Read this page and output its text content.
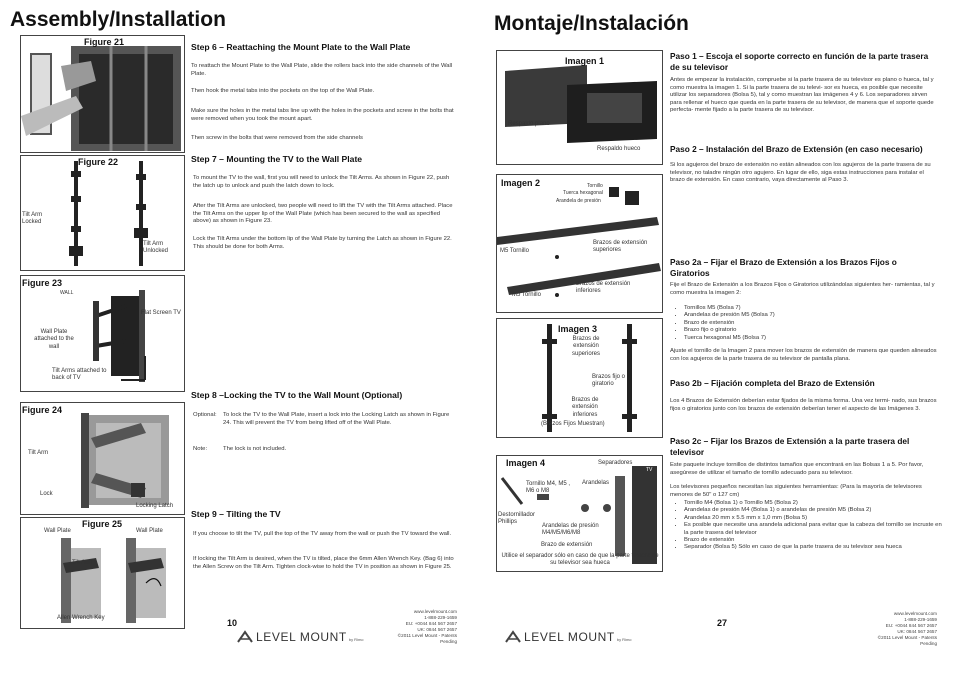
Assembly/Installation
Figure 21
Figure 22
Tilt Arm Locked
Tilt Arm Unlocked
Figure 23
WALL
Flat Screen TV
Wall Plate attached to the wall
Tilt Arms attached to back of TV
Figure 24
Tilt Arm
Lock
Locking Latch
Figure 25
Wall Plate	Wall Plate
Tilt Arm
Allen Wrench Key
Step 6 – Reattaching the Mount Plate to the Wall Plate
To reattach the Mount Plate to the Wall Plate, slide the rollers back into the side channels of the Wall Plate.
Then hook the metal tabs into the pockets on the top of the Wall Plate.
Make sure the holes in the metal tabs line up with the holes in the pockets and screw in the bolts that were removed when you took the mount apart.
Then screw in the bolts that were removed from the side channels
Step 7 – Mounting the TV to the Wall Plate
To mount the TV to the wall, first you will need to unlock the Tilt Arms. As shown in Figure 22, push the latch up to unlock and push the latch down to lock.
After the Tilt Arms are unlocked, two people will need to lift the TV with the Tilt Arms attached. Place the Tilt Arms on the upper lip of the Wall Plate (which has been secured to the wall as specified above) as shown in Figure 23.
Lock the Tilt Arms under the bottom lip of the Wall Plate by turning the Latch as shown in Figure 22. This should be done for both Arms.
Step 8 –Locking the TV to the Wall Mount (Optional)
Optional:	To lock the TV to the Wall Plate, insert a lock into the Locking Latch as shown in Figure 24. This will prevent the TV from being lifted off of the Wall Plate.
Note:	The lock is not included.
Step 9 – Tilting the TV
If you choose to tilt the TV, pull the top of the TV away from the wall or push the TV toward the wall.
If locking the Tilt Arm is desired, when the TV is tilted, place the 6mm Allen Wrench Key. (Bag 6) into the Allen Screw on the Tilt Arm. Tighten clock-wise to hold the TV in position as shown in Figure 25.
10
www.levelmount.com
1-888-229-1659
EU: +0044 844 567 2657
UK: 0844 567 2657
©2011 Level Mount - Patents Pending
LEVEL MOUNT by Rimo
Montaje/Instalación
Imagen 1
Respaldo plano
Respaldo hueco
Imagen 2	Tornillo
Tuerca hexagonal
Arandela de presión
M5 Tornillo
Brazos de extensión superiores
M5 Tornillo
Brazos de extensión inferiores
Imagen 3
Brazos de extensión superiores
Brazos fijo o giratorio
Brazos de extensión inferiores
(Brazos Fijos Muestran)
Imagen 4	Separadores
TV
Tornillo M4, M5 , M6 o M8
Arandelas
Destornillador Phillips
Arandelas de presión M4/M5/M6/M8
Brazo de extensión
Utilice el separador sólo en caso de que la parte trasera de su televisor sea hueca
Paso 1 – Escoja el soporte correcto en función de la parte trasera de su televisor
Antes de empezar la instalación, compruebe si la parte trasera de su televisor es plano o hueca, tal y como muestra la imagen 1. Si la parte trasera de su televi- sor es hueca, es posible que necesite utilizar los separadores (Bolsa 5), tal y como muestran las imágenes 4 y 6. Los separadores sirven para rellenar el hueco que queda en la parte trasera de su televisor, de manera que el soporte quede perfecta- mente fijado a la parte trasera de su televisor.
Paso 2 – Instalación del Brazo de Extensión (en caso necesario)
Si los agujeros del brazo de extensión no están alineados con los agujeros de la parte trasera de su televisor, no taladre ningún otro agujero. En lugar de ello, siga estas instrucciones para instalar el brazo de extensión. En caso contrario, vaya directamente al Paso 3.
Paso 2a – Fijar el Brazo de Extensión a los Brazos Fijos o Giratorios
Fije el Brazo de Extensión a los Brazos Fijos o Giratorios utilizándolas siguientes her- ramientas, tal y como muestra la imagen 2:
• Tornillos M5 (Bolsa 7)
• Arandelas de presión M5 (Bolsa 7)
• Brazo de extensión
• Brazo fijo o giratorio
• Tuerca hexagonal M5 (Bolsa 7)
Ajuste el tornillo de la Imagen 2 para mover los brazos de extensión de manera que queden alineados con los agujeros de la parte trasera de su televisor de pantalla plana.
Paso 2b – Fijación completa del Brazo de Extensión
Los 4 Brazos de Extensión deberían estar fijados de la misma forma. Una vez termi- nado, sus brazos fijos o giratorios junto con los brazos de extensión deberían tener el aspecto de las Imágenes 3.
Paso 2c – Fijar los Brazos de Extensión a la parte trasera del televisor
Este paquete incluye tornillos de distintos tamaños que encontrará en las Bolsas 1 a 5. Por favor, asegúrese de utilizar el tamaño de tornillo adecuado para su televisor.
Los televisores pequeños necesitan las siguientes herramientas: (Para la mayoría de televisores menores de 50" o 127 cm)
• Tornillo M4 (Bolsa 1) o Tornillo M5 (Bolsa 2)
• Arandelas de presión M4 (Bolsa 1) o arandelas de presión M5 (Bolsa 2)
• Arandelas 20 mm x 5.5 mm x 1,0 mm (Bolsa 5)
• Es posible que necesite una arandela adicional para evitar que la cabeza del tornillo se incruste en la parte trasera del televisor
• Brazo de extensión
• Separador (Bolsa 5) Sólo en caso de que la parte trasera de su televisor sea hueca
27
www.levelmount.com
1-888-229-1659
EU: +0044 844 567 2657
UK: 0844 567 2657
©2011 Level Mount - Patents Pending
LEVEL MOUNT by Rimo
